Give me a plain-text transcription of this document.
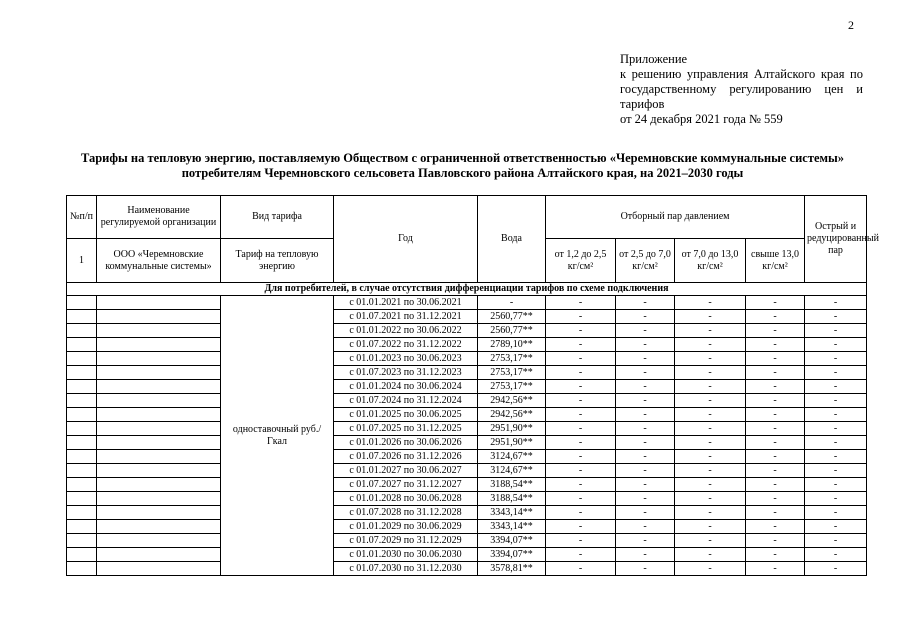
2
Приложение
к решению управления Алтайского края по
государственному регулированию цен и
тарифов
от 24 декабря 2021 года № 559
Тарифы на тепловую энергию, поставляемую Обществом с ограниченной ответственностью «Черемновские коммунальные системы»
потребителям Черемновского сельсовета Павловского района Алтайского края, на 2021–2030 годы
№п/п	Наименование регулируемой организации	Вид тарифа	Год	Вода	Отборный пар давлением				Острый и редуцированный пар
1	ООО «Черемновские коммунальные системы»	Тариф на тепловую энергию			от 1,2 до 2,5 кг/см²	от 2,5 до 7,0 кг/см²	от 7,0 до 13,0 кг/см²	свыше 13,0 кг/см²	
Для потребителей, в случае отсутствия дифференциации тарифов по схеме подключения									
		одноставочный руб./Гкал	с 01.01.2021 по 30.06.2021	-	-	-	-	-	-
			с 01.07.2021 по 31.12.2021	2560,77**	-	-	-	-	-
			с 01.01.2022 по 30.06.2022	2560,77**	-	-	-	-	-
			с 01.07.2022 по 31.12.2022	2789,10**	-	-	-	-	-
			с 01.01.2023 по 30.06.2023	2753,17**	-	-	-	-	-
			с 01.07.2023 по 31.12.2023	2753,17**	-	-	-	-	-
			с 01.01.2024 по 30.06.2024	2753,17**	-	-	-	-	-
			с 01.07.2024 по 31.12.2024	2942,56**	-	-	-	-	-
			с 01.01.2025 по 30.06.2025	2942,56**	-	-	-	-	-
			с 01.07.2025 по 31.12.2025	2951,90**	-	-	-	-	-
			с 01.01.2026 по 30.06.2026	2951,90**	-	-	-	-	-
			с 01.07.2026 по 31.12.2026	3124,67**	-	-	-	-	-
			с 01.01.2027 по 30.06.2027	3124,67**	-	-	-	-	-
			с 01.07.2027 по 31.12.2027	3188,54**	-	-	-	-	-
			с 01.01.2028 по 30.06.2028	3188,54**	-	-	-	-	-
			с 01.07.2028 по 31.12.2028	3343,14**	-	-	-	-	-
			с 01.01.2029 по 30.06.2029	3343,14**	-	-	-	-	-
			с 01.07.2029 по 31.12.2029	3394,07**	-	-	-	-	-
			с 01.01.2030 по 30.06.2030	3394,07**	-	-	-	-	-
			с 01.07.2030 по 31.12.2030	3578,81**	-	-	-	-	-
